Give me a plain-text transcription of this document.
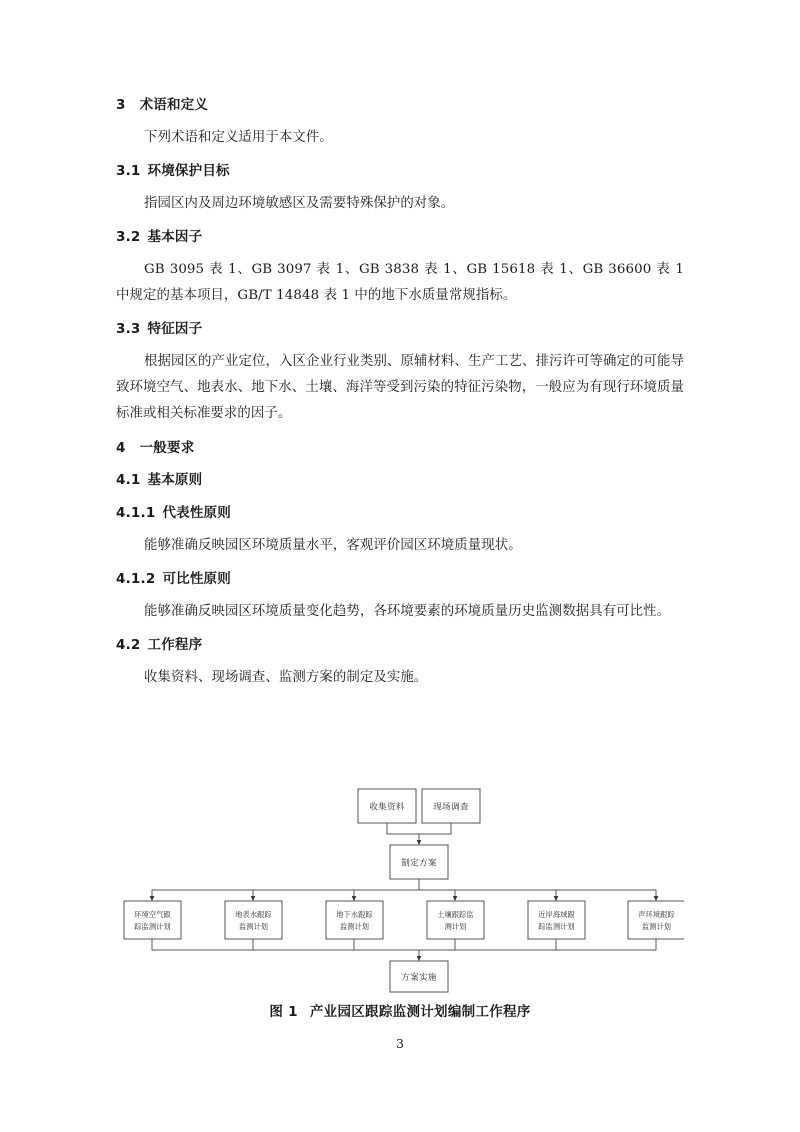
3 术语和定义

下列术语和定义适用于本文件。

3.1 环境保护目标

指园区内及周边环境敏感区及需要特殊保护的对象。

3.2 基本因子

GB 3095 表 1、GB 3097 表 1、GB 3838 表 1、GB 15618 表 1、GB 36600 表 1 中规定的基本项目，GB/T 14848 表 1 中的地下水质量常规指标。

3.3 特征因子

根据园区的产业定位，入区企业行业类别、原辅材料、生产工艺、排污许可等确定的可能导致环境空气、地表水、地下水、土壤、海洋等受到污染的特征污染物，一般应为有现行环境质量标准或相关标准要求的因子。

4 一般要求
4.1 基本原则
4.1.1 代表性原则

能够准确反映园区环境质量水平，客观评价园区环境质量现状。

4.1.2 可比性原则

能够准确反映园区环境质量变化趋势，各环境要素的环境质量历史监测数据具有可比性。

4.2 工作程序

收集资料、现场调查、监测方案的制定及实施。

收集资料	现场调查
制定方案
环境空气跟
踪监测计划
地表水跟踪
监测计划
地下水跟踪
监测计划
土壤跟踪监
测计划
近岸海域跟
踪监测计划
声环境跟踪
监测计划
方案实施
图 1 产业园区跟踪监测计划编制工作程序
3
